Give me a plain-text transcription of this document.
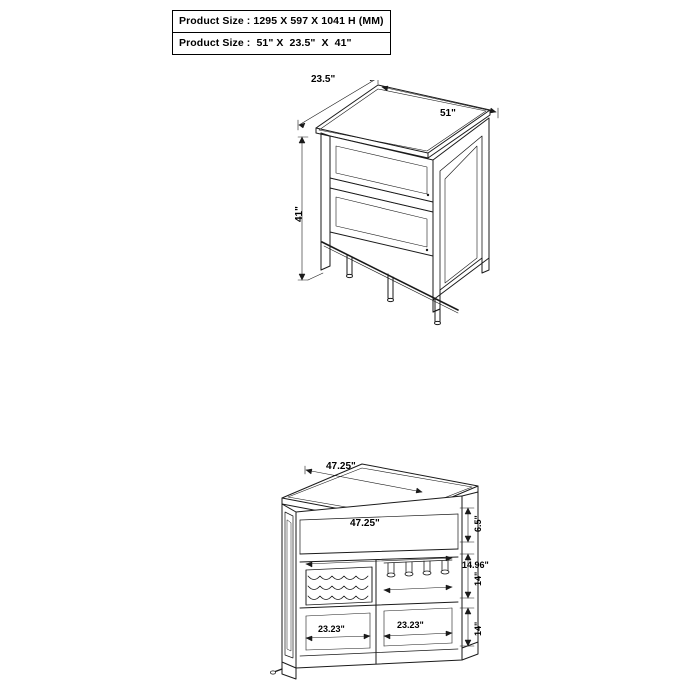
Product Size : 1295 X 597 X 1041 H (MM)
Product Size :  51" X  23.5"  X  41"
23.5"
51"
41"
47.25"
47.25"	6.5"
14"
14.96"
14"
23.23"	23.23"
